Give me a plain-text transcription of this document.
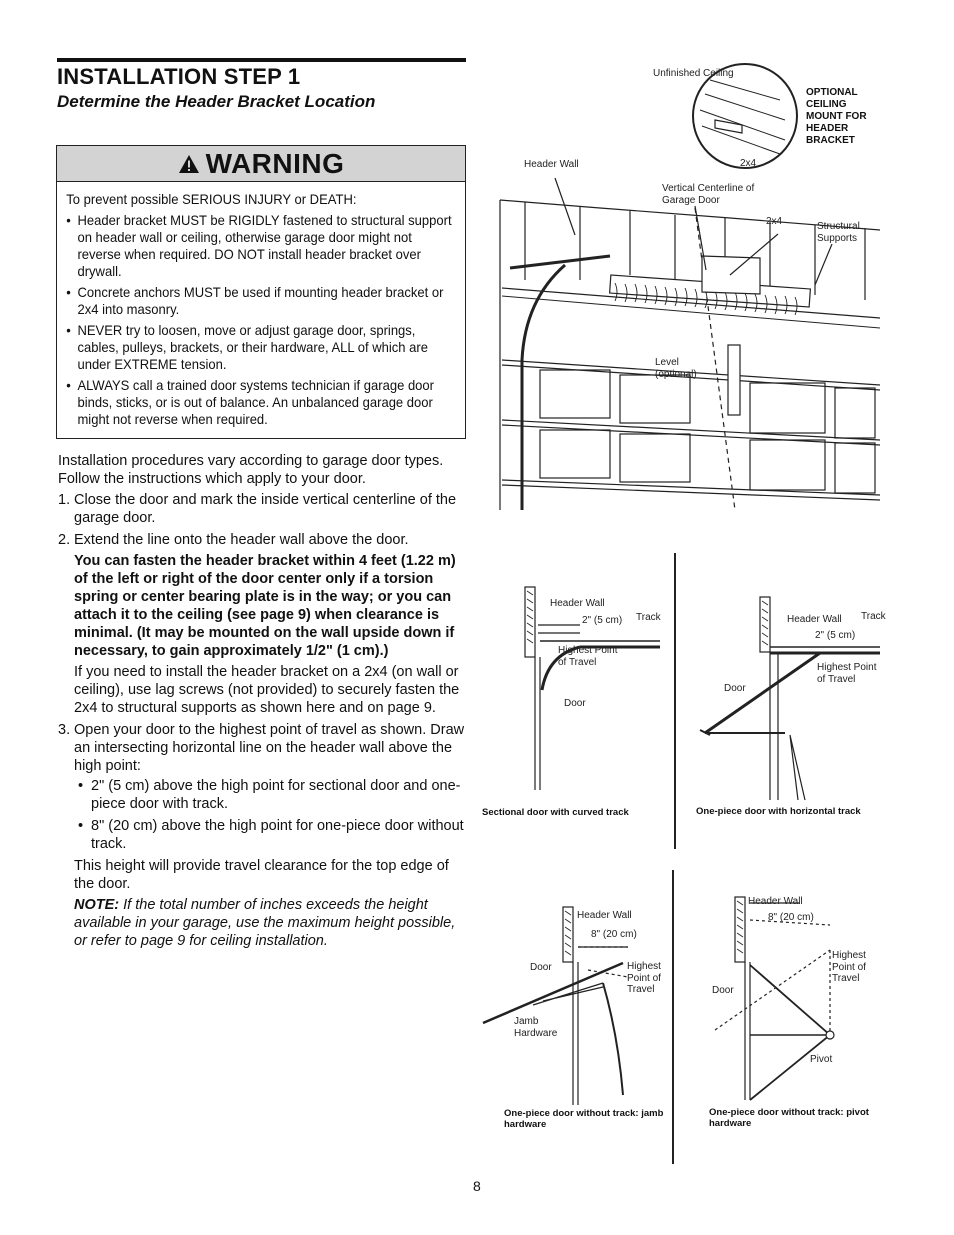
INSTALLATION STEP 1
Determine the Header Bracket Location
WARNING

To prevent possible SERIOUS INJURY or DEATH:

• Header bracket MUST be RIGIDLY fastened to structural support on header wall or ceiling, otherwise garage door might not reverse when required. DO NOT install header bracket over drywall.
• Concrete anchors MUST be used if mounting header bracket or 2x4 into masonry.
• NEVER try to loosen, move or adjust garage door, springs, cables, pulleys, brackets, or their hardware, ALL of which are under EXTREME tension.
• ALWAYS call a trained door systems technician if garage door binds, sticks, or is out of balance. An unbalanced garage door might not reverse when required.

Installation procedures vary according to garage door types. Follow the instructions which apply to your door.

1. Close the door and mark the inside vertical centerline of the garage door.
2. Extend the line onto the header wall above the door.
You can fasten the header bracket within 4 feet (1.22 m) of the left or right of the door center only if a torsion spring or center bearing plate is in the way; or you can attach it to the ceiling (see page 9) when clearance is minimal. (It may be mounted on the wall upside down if necessary, to gain approximately 1/2" (1 cm).)
If you need to install the header bracket on a 2x4 (on wall or ceiling), use lag screws (not provided) to securely fasten the 2x4 to structural supports as shown here and on page 9.
3. Open your door to the highest point of travel as shown. Draw an intersecting horizontal line on the header wall above the high point:
• 2" (5 cm) above the high point for sectional door and one-piece door with track.
• 8" (20 cm) above the high point for one-piece door without track.
This height will provide travel clearance for the top edge of the door.
NOTE: If the total number of inches exceeds the height available in your garage, use the maximum height possible, or refer to page 9 for ceiling installation.
Unfinished Ceiling
OPTIONAL CEILING MOUNT FOR HEADER BRACKET
2x4
Header Wall
Vertical Centerline of Garage Door
2x4	Structural Supports
Level (optional)
Header Wall
2" (5 cm) Track
Highest Point of Travel
Door
Sectional door with curved track
Header Wall Track
2" (5 cm)
Highest Point of Travel
Door
One-piece door with horizontal track
Header Wall
8" (20 cm)
Door	Highest Point of Travel
Jamb Hardware
One-piece door without track: jamb hardware
Header Wall
8" (20 cm)
Highest Point of Travel
Door
Pivot
One-piece door without track: pivot hardware
8
